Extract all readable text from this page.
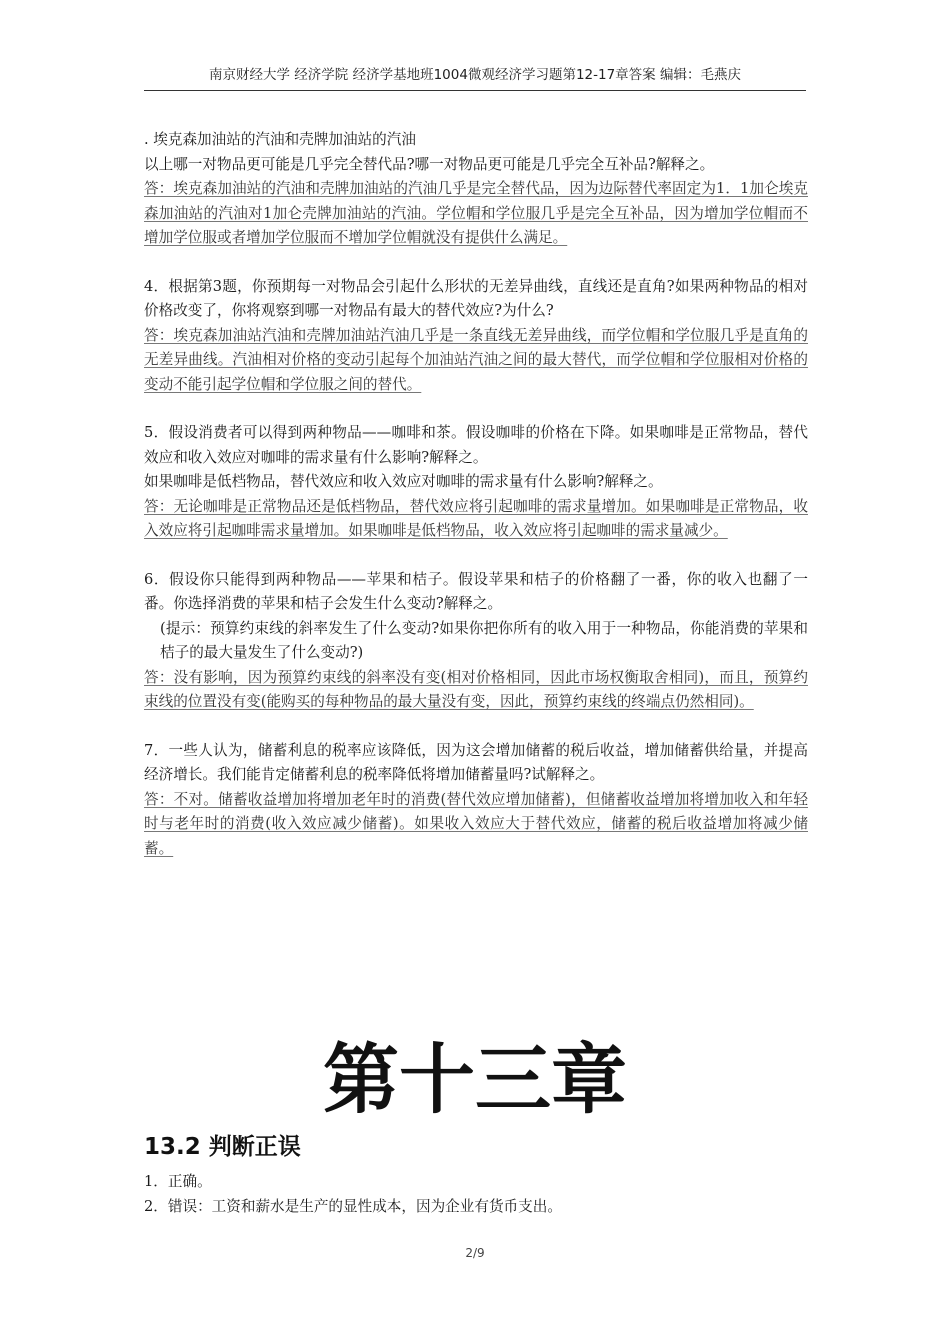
南京财经大学 经济学院 经济学基地班1004微观经济学习题第12-17章答案 编辑：毛燕庆

. 埃克森加油站的汽油和壳牌加油站的汽油

以上哪一对物品更可能是几乎完全替代品?哪一对物品更可能是几乎完全互补品?解释之。

答：埃克森加油站的汽油和壳牌加油站的汽油几乎是完全替代品，因为边际替代率固定为1．1加仑埃克森加油站的汽油对1加仑壳牌加油站的汽油。学位帽和学位服几乎是完全互补品，因为增加学位帽而不增加学位服或者增加学位服而不增加学位帽就没有提供什么满足。

4．根据第3题，你预期每一对物品会引起什么形状的无差异曲线，直线还是直角?如果两种物品的相对价格改变了，你将观察到哪一对物品有最大的替代效应?为什么?

答：埃克森加油站汽油和壳牌加油站汽油几乎是一条直线无差异曲线，而学位帽和学位服几乎是直角的无差异曲线。汽油相对价格的变动引起每个加油站汽油之间的最大替代，而学位帽和学位服相对价格的变动不能引起学位帽和学位服之间的替代。

5．假设消费者可以得到两种物品——咖啡和茶。假设咖啡的价格在下降。如果咖啡是正常物品，替代效应和收入效应对咖啡的需求量有什么影响?解释之。

如果咖啡是低档物品，替代效应和收入效应对咖啡的需求量有什么影响?解释之。

答：无论咖啡是正常物品还是低档物品，替代效应将引起咖啡的需求量增加。如果咖啡是正常物品，收入效应将引起咖啡需求量增加。如果咖啡是低档物品，收入效应将引起咖啡的需求量减少。

6．假设你只能得到两种物品——苹果和桔子。假设苹果和桔子的价格翻了一番，你的收入也翻了一番。你选择消费的苹果和桔子会发生什么变动?解释之。

(提示：预算约束线的斜率发生了什么变动?如果你把你所有的收入用于一种物品，你能消费的苹果和桔子的最大量发生了什么变动?)

答：没有影响，因为预算约束线的斜率没有变(相对价格相同，因此市场权衡取舍相同)，而且，预算约束线的位置没有变(能购买的每种物品的最大量没有变，因此，预算约束线的终端点仍然相同)。

7．一些人认为，储蓄利息的税率应该降低，因为这会增加储蓄的税后收益，增加储蓄供给量，并提高经济增长。我们能肯定储蓄利息的税率降低将增加储蓄量吗?试解释之。

答：不对。储蓄收益增加将增加老年时的消费(替代效应增加储蓄)，但储蓄收益增加将增加收入和年轻时与老年时的消费(收入效应减少储蓄)。如果收入效应大于替代效应，储蓄的税后收益增加将减少储蓄。

第十三章
13.2 判断正误

1．正确。

2．错误：工资和薪水是生产的显性成本，因为企业有货币支出。

2/9
